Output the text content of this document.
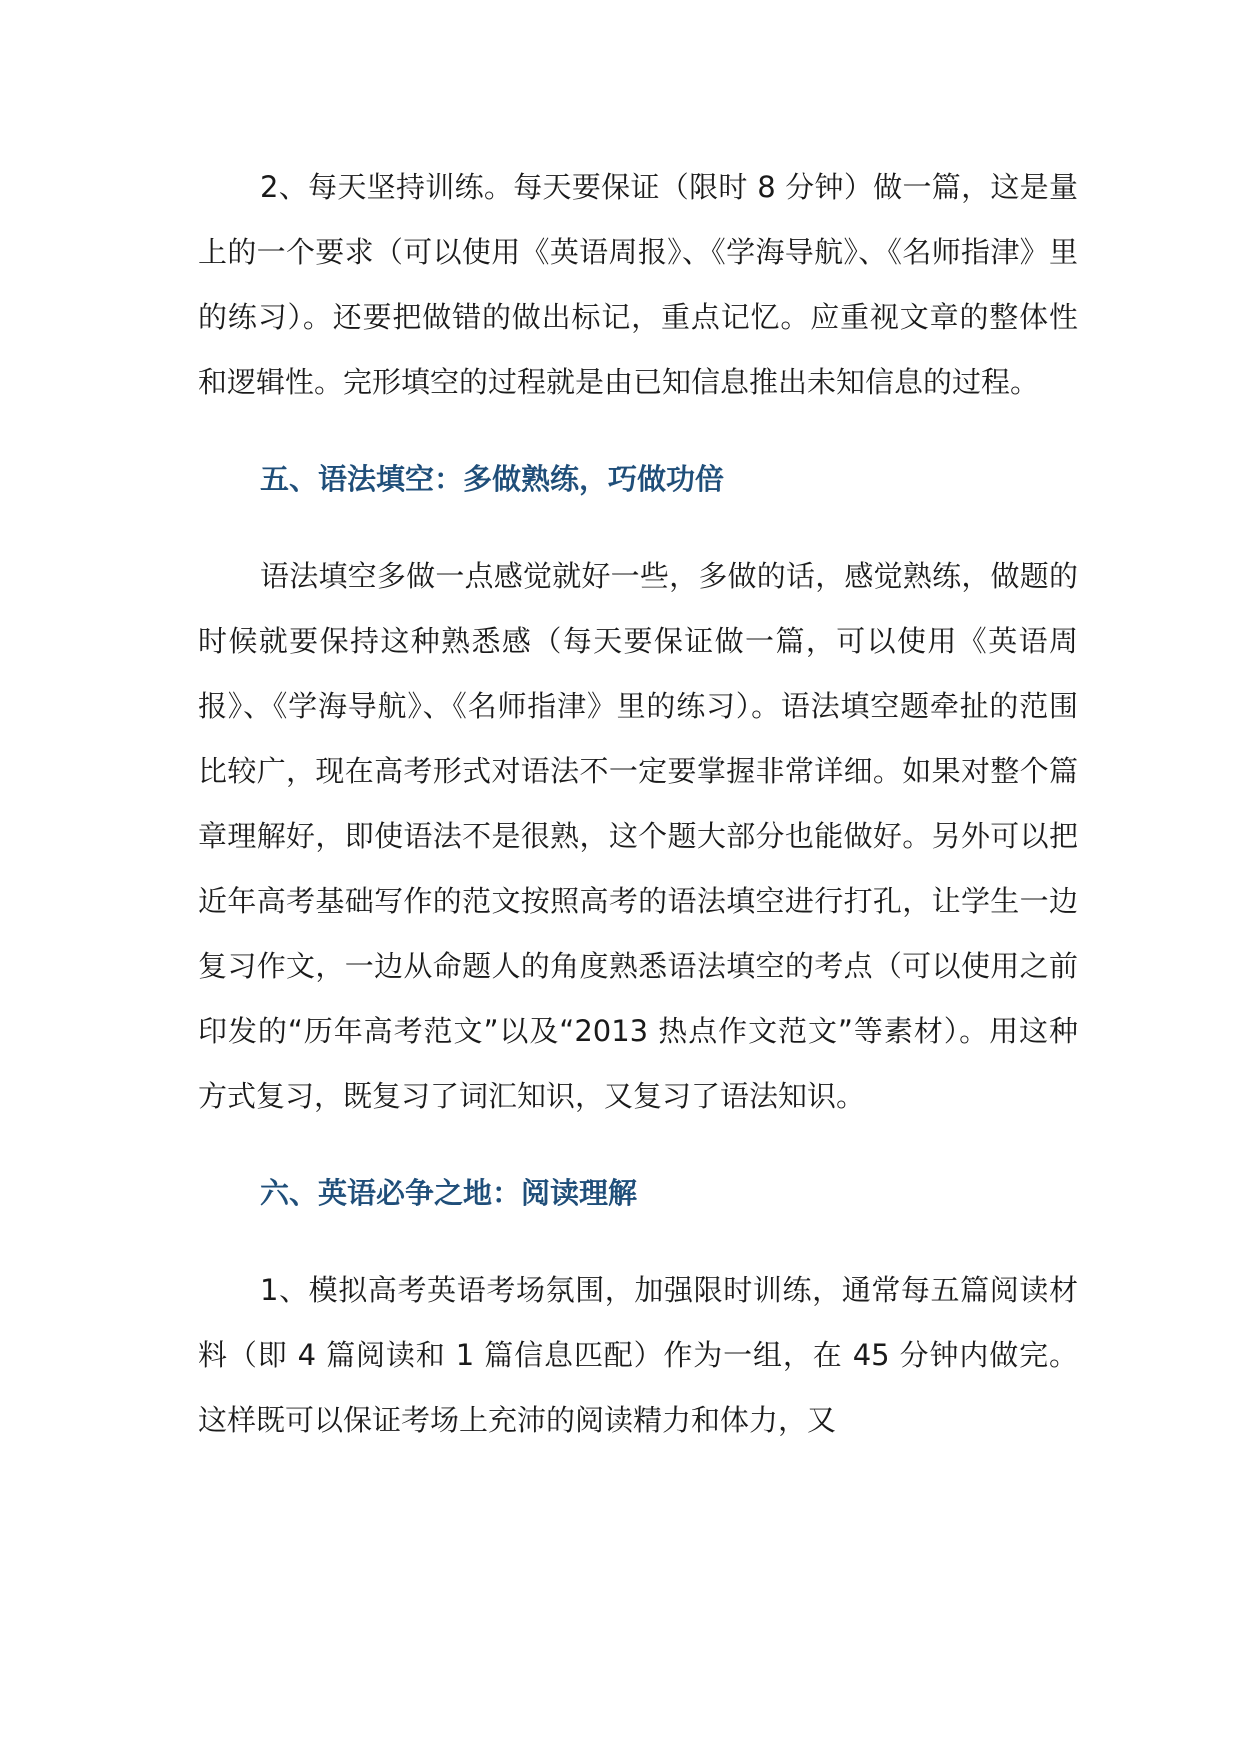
2、每天坚持训练。每天要保证（限时 8 分钟）做一篇，这是量上的一个要求（可以使用《英语周报》、《学海导航》、《名师指津》里的练习）。还要把做错的做出标记，重点记忆。应重视文章的整体性和逻辑性。完形填空的过程就是由已知信息推出未知信息的过程。

五、语法填空：多做熟练，巧做功倍

语法填空多做一点感觉就好一些，多做的话，感觉熟练，做题的时候就要保持这种熟悉感（每天要保证做一篇，可以使用《英语周报》、《学海导航》、《名师指津》里的练习）。语法填空题牵扯的范围比较广，现在高考形式对语法不一定要掌握非常详细。如果对整个篇章理解好，即使语法不是很熟，这个题大部分也能做好。另外可以把近年高考基础写作的范文按照高考的语法填空进行打孔，让学生一边复习作文，一边从命题人的角度熟悉语法填空的考点（可以使用之前印发的“历年高考范文”以及“2013 热点作文范文”等素材）。用这种方式复习，既复习了词汇知识，又复习了语法知识。

六、英语必争之地：阅读理解

1、模拟高考英语考场氛围，加强限时训练，通常每五篇阅读材料（即 4 篇阅读和 1 篇信息匹配）作为一组，在 45 分钟内做完。这样既可以保证考场上充沛的阅读精力和体力，又
